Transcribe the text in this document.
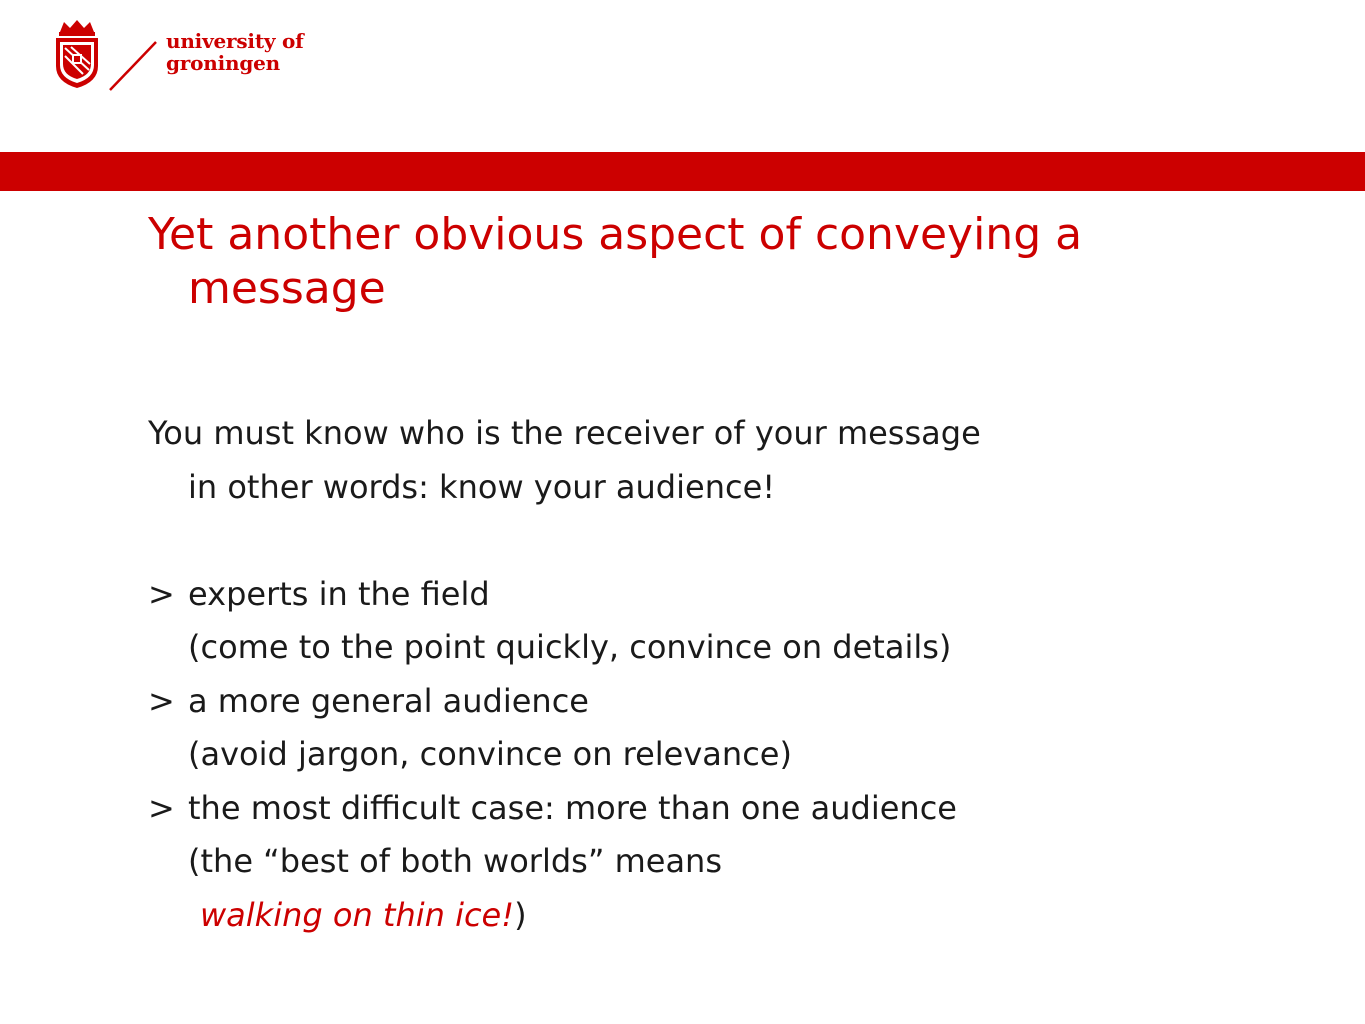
university of
groningen
Yet another obvious aspect of conveying a
message
You must know who is the receiver of your message
in other words: know your audience!
> experts in the field
(come to the point quickly, convince on details)
> a more general audience
(avoid jargon, convince on relevance)
> the most difficult case: more than one audience
(the “best of both worlds” means
walking on thin ice!)
